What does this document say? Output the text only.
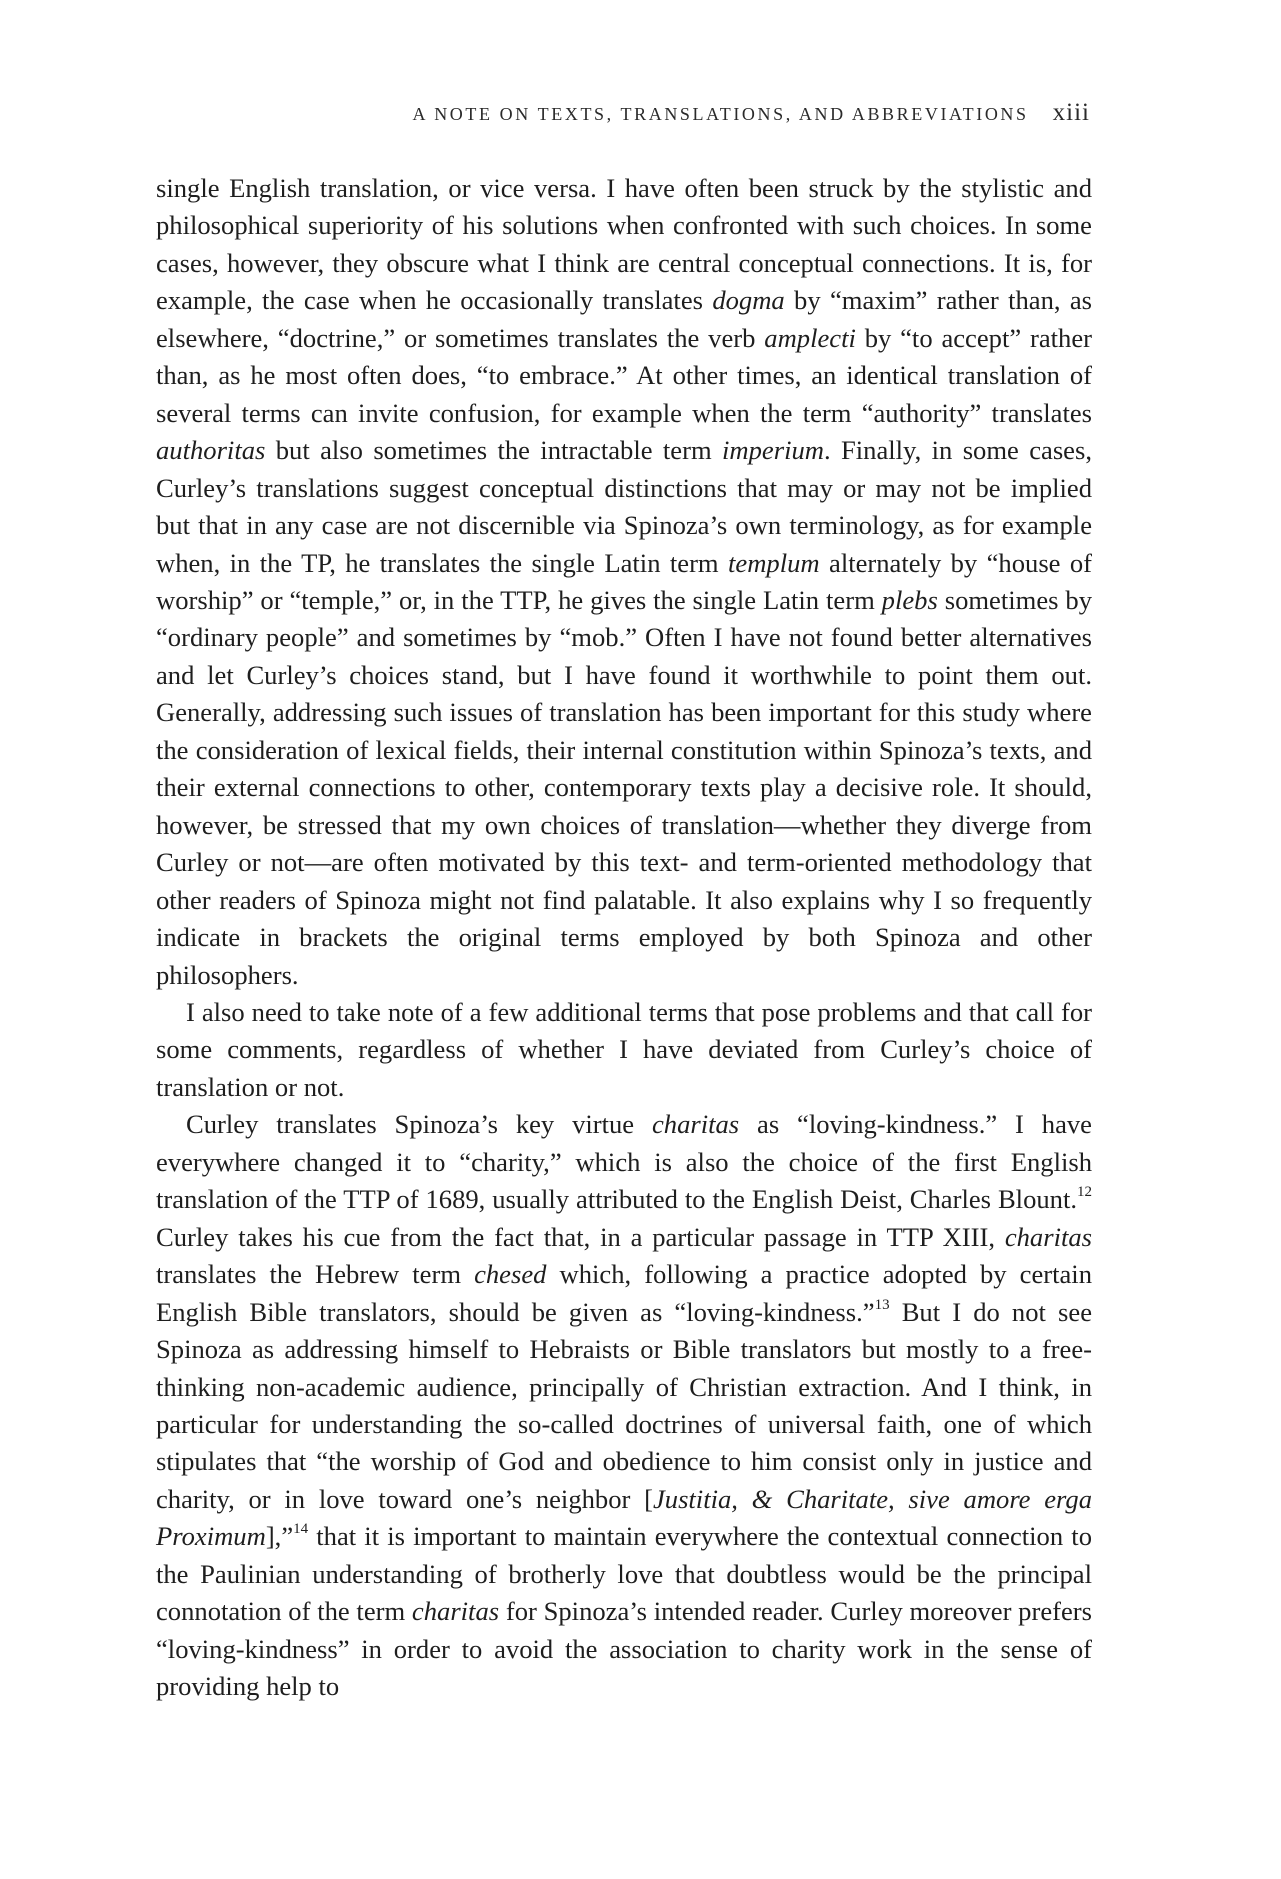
A NOTE ON TEXTS, TRANSLATIONS, AND ABBREVIATIONS xiii

single English translation, or vice versa. I have often been struck by the stylistic and philosophical superiority of his solutions when confronted with such choices. In some cases, however, they obscure what I think are central conceptual connections. It is, for example, the case when he occasionally translates dogma by “maxim” rather than, as elsewhere, “doctrine,” or sometimes translates the verb amplecti by “to accept” rather than, as he most often does, “to embrace.” At other times, an identical translation of several terms can invite confusion, for example when the term “authority” translates authoritas but also sometimes the intractable term imperium. Finally, in some cases, Curley’s translations suggest conceptual distinctions that may or may not be implied but that in any case are not discernible via Spinoza’s own terminology, as for example when, in the TP, he translates the single Latin term templum alternately by “house of worship” or “temple,” or, in the TTP, he gives the single Latin term plebs sometimes by “ordinary people” and sometimes by “mob.” Often I have not found better alternatives and let Curley’s choices stand, but I have found it worthwhile to point them out. Generally, addressing such issues of translation has been important for this study where the consideration of lexical fields, their internal constitution within Spinoza’s texts, and their external connections to other, contemporary texts play a decisive role. It should, however, be stressed that my own choices of translation—whether they diverge from Curley or not—are often motivated by this text- and term-oriented methodology that other readers of Spinoza might not find palatable. It also explains why I so frequently indicate in brackets the original terms employed by both Spinoza and other philosophers.

I also need to take note of a few additional terms that pose problems and that call for some comments, regardless of whether I have deviated from Curley’s choice of translation or not.

Curley translates Spinoza’s key virtue charitas as “loving-kindness.” I have everywhere changed it to “charity,” which is also the choice of the first English translation of the TTP of 1689, usually attributed to the English Deist, Charles Blount.$^{12}$ Curley takes his cue from the fact that, in a particular passage in TTP XIII, charitas translates the Hebrew term chesed which, following a practice adopted by certain English Bible translators, should be given as “loving-kindness.”$^{13}$ But I do not see Spinoza as addressing himself to Hebraists or Bible translators but mostly to a free-thinking non-academic audience, principally of Christian extraction. And I think, in particular for understanding the so-called doctrines of universal faith, one of which stipulates that “the worship of God and obedience to him consist only in justice and charity, or in love toward one’s neighbor [Justitia, & Charitate, sive amore erga Proximum],”$^{14}$ that it is important to maintain everywhere the contextual connection to the Paulinian understanding of brotherly love that doubtless would be the principal connotation of the term charitas for Spinoza’s intended reader. Curley moreover prefers “loving-kindness” in order to avoid the association to charity work in the sense of providing help to
